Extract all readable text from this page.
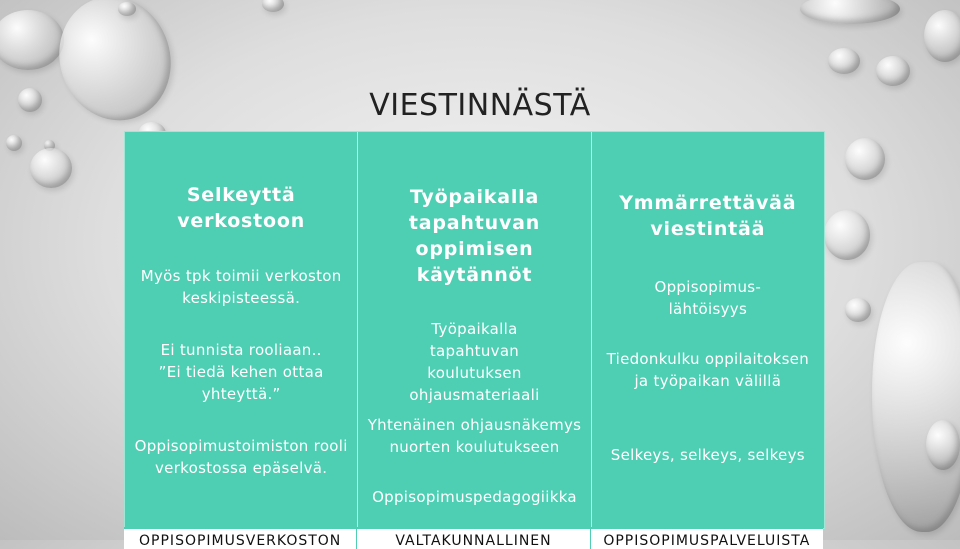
VIESTINNÄSTÄ
Selkeyttä verkostoon

Myös tpk toimii verkoston keskipisteessä.

Ei tunnista rooliaan.. ”Ei tiedä kehen ottaa yhteyttä.”

Oppisopimustoimiston rooli verkostossa epäselvä.

Työpaikalla tapahtuvan oppimisen käytännöt

Työpaikalla tapahtuvan koulutuksen ohjausmateriaali

Yhtenäinen ohjausnäkemys nuorten koulutukseen

Oppisopimuspedagogiikka

Ymmärrettävää viestintää

Oppisopimus-lähtöisyys

Tiedonkulku oppilaitoksen ja työpaikan välillä

Selkeys, selkeys, selkeys

OPPISOPIMUSVERKOSTON	VALTAKUNNALLINEN	OPPISOPIMUSPALVELUISTA
